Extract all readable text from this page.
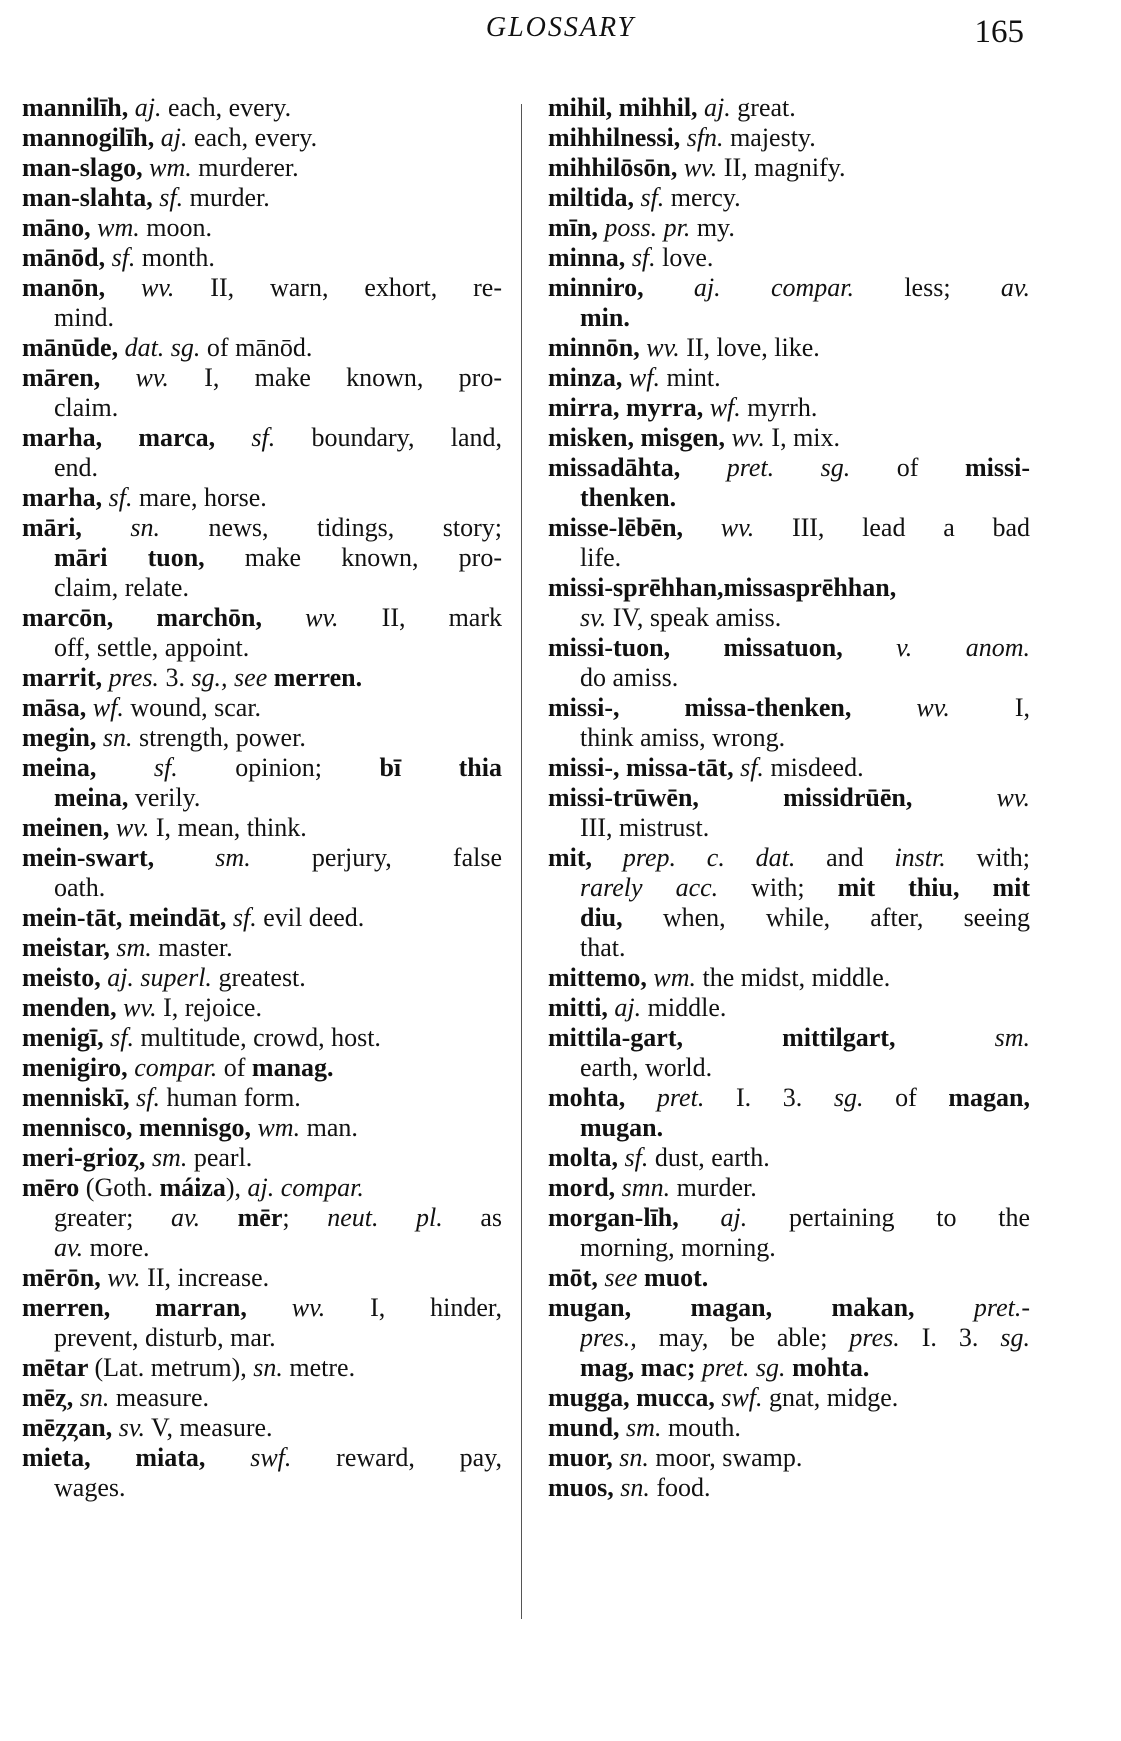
GLOSSARY	165
mannilīh, aj. each, every.
mannogilīh, aj. each, every.
man-slago, wm. murderer.
man-slahta, sf. murder.
māno, wm. moon.
mānōd, sf. month.
manōn, wv. II, warn, exhort, re-
mind.
mānūde, dat. sg. of mānōd.
māren, wv. I, make known, pro-
claim.
marha, marca, sf. boundary, land,
end.
marha, sf. mare, horse.
māri, sn. news, tidings, story;
māri tuon, make known, pro-
claim, relate.
marcōn, marchōn, wv. II, mark
off, settle, appoint.
marrit, pres. 3. sg., see merren.
māsa, wf. wound, scar.
megin, sn. strength, power.
meina, sf. opinion; bī thia
meina, verily.
meinen, wv. I, mean, think.
mein-swart, sm. perjury, false
oath.
mein-tāt, meindāt, sf. evil deed.
meistar, sm. master.
meisto, aj. superl. greatest.
menden, wv. I, rejoice.
menigī, sf. multitude, crowd, host.
menigiro, compar. of manag.
menniskī, sf. human form.
mennisco, mennisgo, wm. man.
meri-grioȥ, sm. pearl.
mēro (Goth. máiza), aj. compar.
greater; av. mēr; neut. pl. as
av. more.
mērōn, wv. II, increase.
merren, marran, wv. I, hinder,
prevent, disturb, mar.
mētar (Lat. metrum), sn. metre.
mēȥ, sn. measure.
mēȥȥan, sv. V, measure.
mieta, miata, swf. reward, pay,
wages.
mihil, mihhil, aj. great.
mihhilnessi, sfn. majesty.
mihhilōsōn, wv. II, magnify.
miltida, sf. mercy.
mīn, poss. pr. my.
minna, sf. love.
minniro, aj. compar. less; av.
min.
minnōn, wv. II, love, like.
minza, wf. mint.
mirra, myrra, wf. myrrh.
misken, misgen, wv. I, mix.
missadāhta, pret. sg. of missi-
thenken.
misse-lēbēn, wv. III, lead a bad
life.
missi-sprēhhan,missasprēhhan,
sv. IV, speak amiss.
missi-tuon, missatuon, v. anom.
do amiss.
missi-, missa-thenken, wv. I,
think amiss, wrong.
missi-, missa-tāt, sf. misdeed.
missi-trūwēn, missidrūēn, wv.
III, mistrust.
mit, prep. c. dat. and instr. with;
rarely acc. with; mit thiu, mit
diu, when, while, after, seeing
that.
mittemo, wm. the midst, middle.
mitti, aj. middle.
mittila-gart, mittilgart, sm.
earth, world.
mohta, pret. I. 3. sg. of magan,
mugan.
molta, sf. dust, earth.
mord, smn. murder.
morgan-līh, aj. pertaining to the
morning, morning.
mōt, see muot.
mugan, magan, makan, pret.-
pres., may, be able; pres. I. 3. sg.
mag, mac; pret. sg. mohta.
mugga, mucca, swf. gnat, midge.
mund, sm. mouth.
muor, sn. moor, swamp.
muos, sn. food.
